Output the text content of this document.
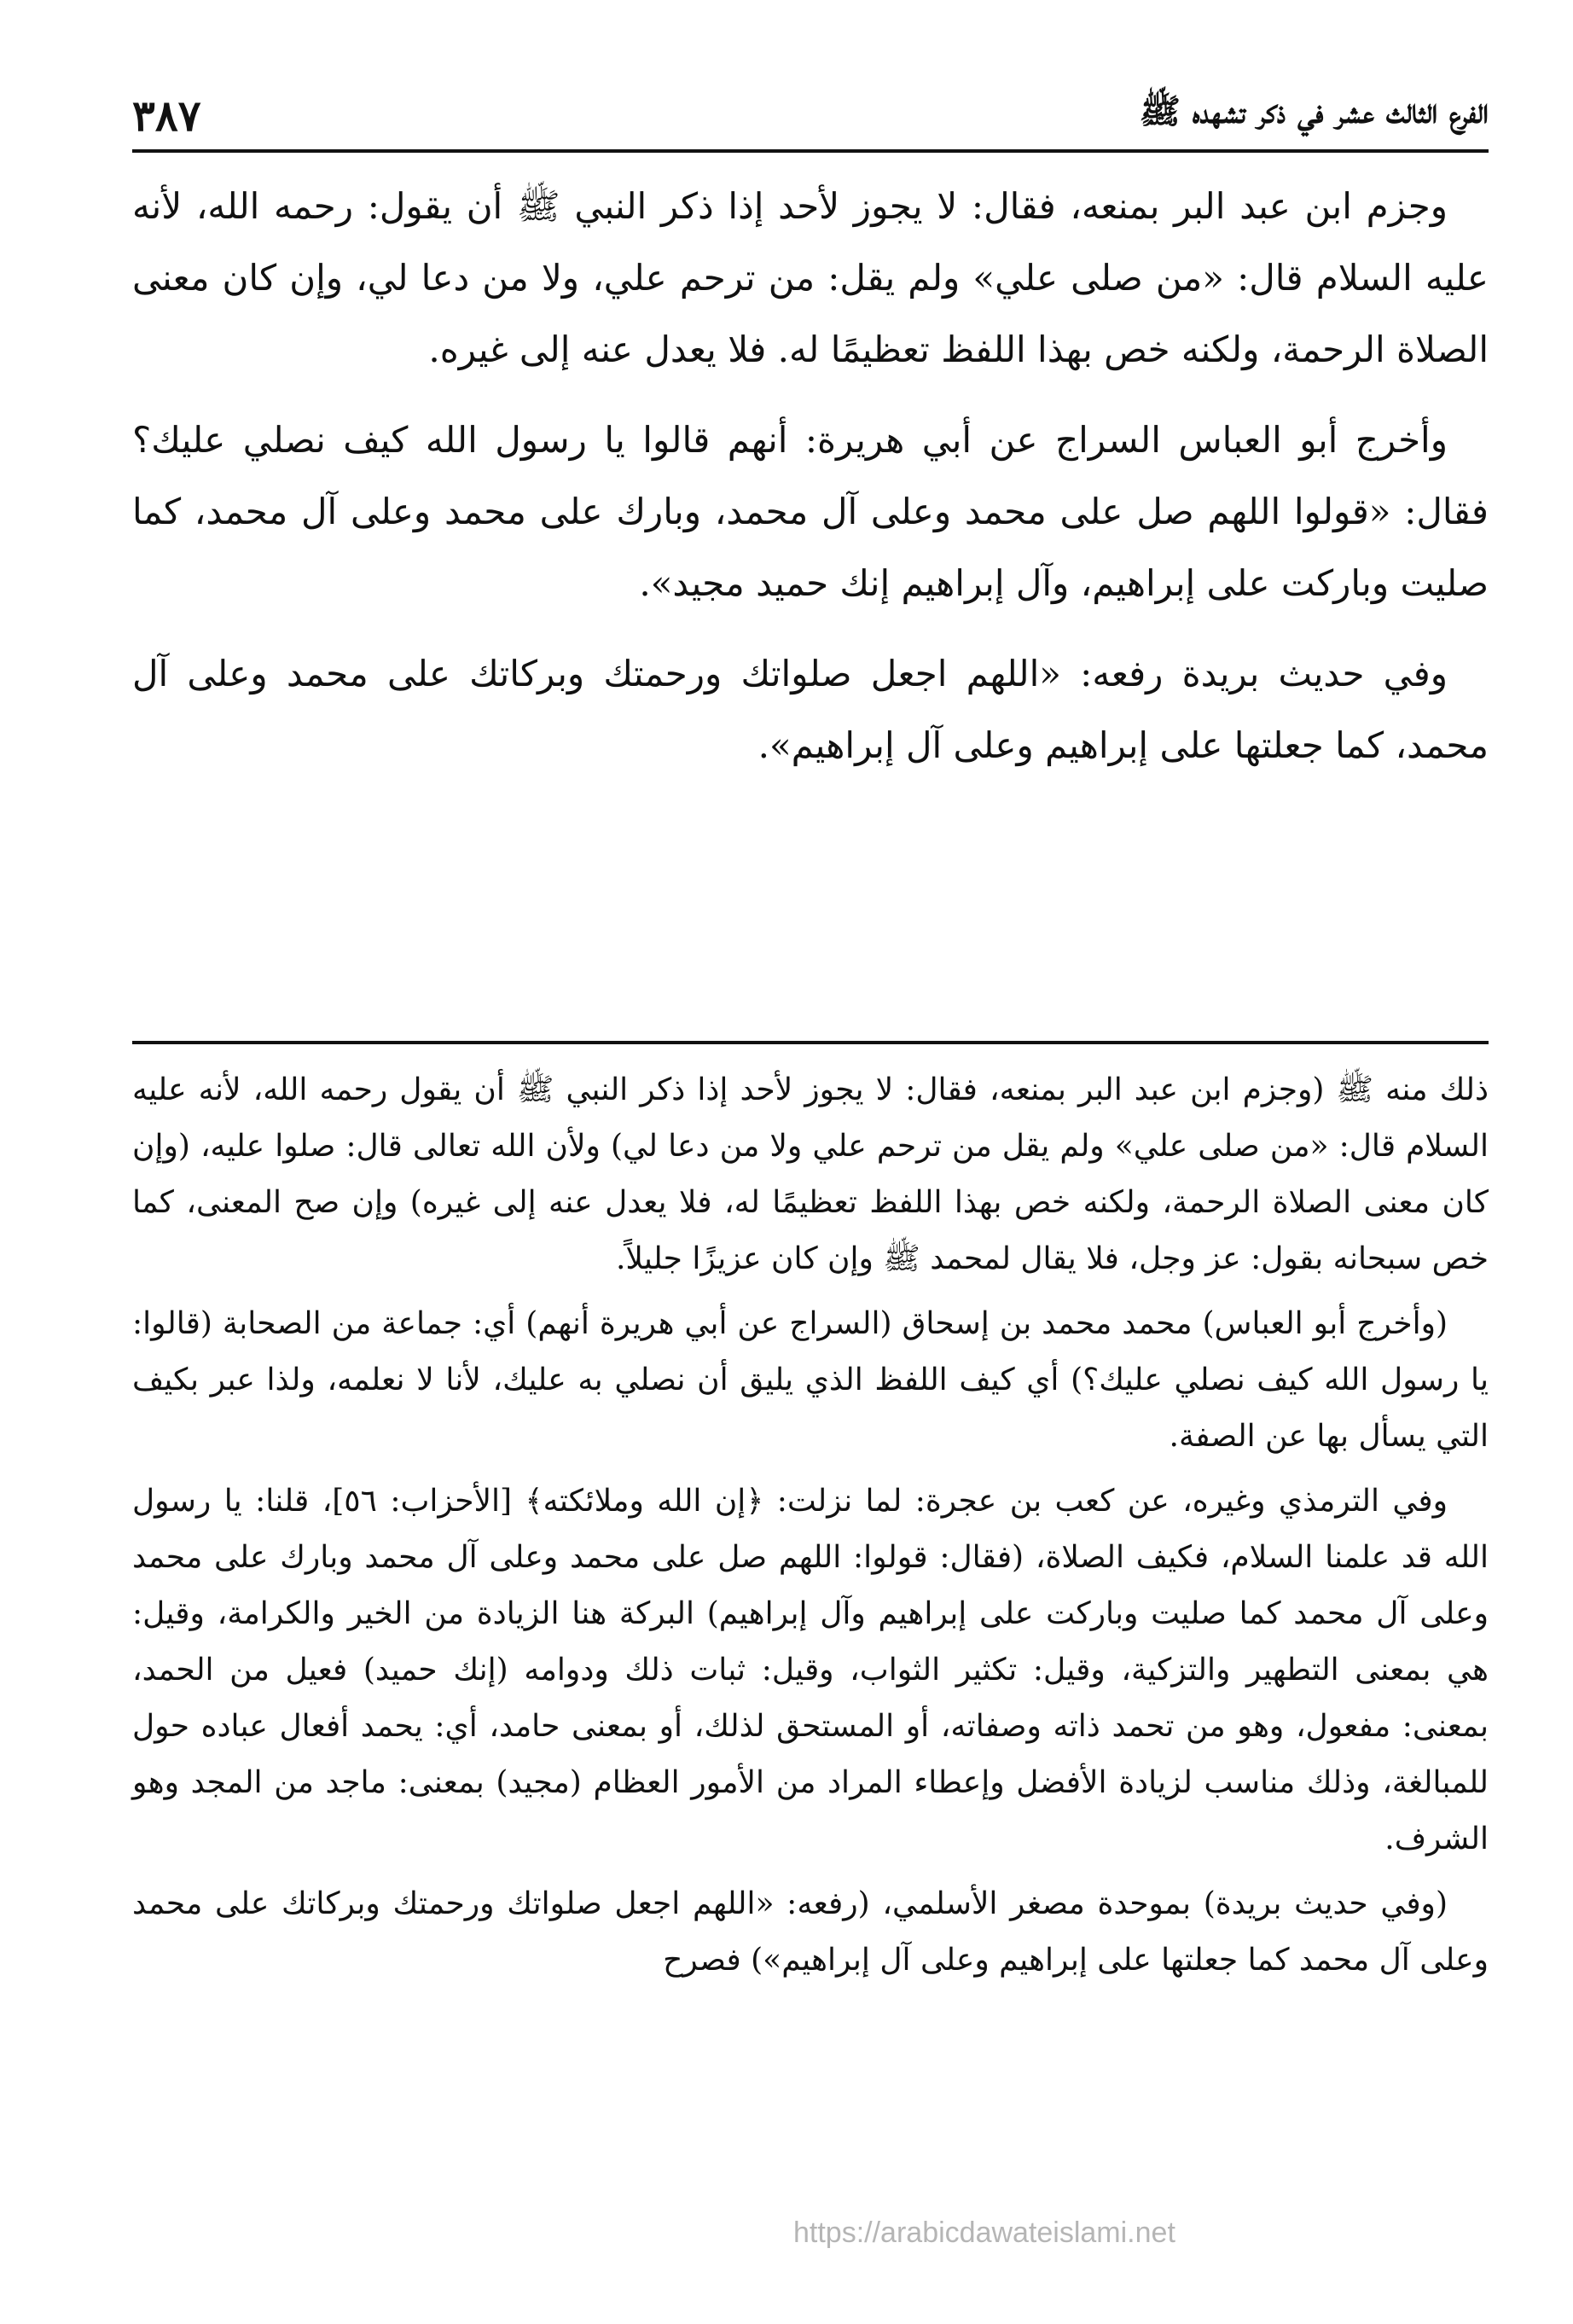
الفرع الثالث عشر في ذكر تشهده ﷺ
٣٨٧

وجزم ابن عبد البر بمنعه، فقال: لا يجوز لأحد إذا ذكر النبي ﷺ أن يقول: رحمه الله، لأنه عليه السلام قال: «من صلى علي» ولم يقل: من ترحم علي، ولا من دعا لي، وإن كان معنى الصلاة الرحمة، ولكنه خص بهذا اللفظ تعظيمًا له. فلا يعدل عنه إلى غيره.

وأخرج أبو العباس السراج عن أبي هريرة: أنهم قالوا يا رسول الله كيف نصلي عليك؟ فقال: «قولوا اللهم صل على محمد وعلى آل محمد، وبارك على محمد وعلى آل محمد، كما صليت وباركت على إبراهيم، وآل إبراهيم إنك حميد مجيد».

وفي حديث بريدة رفعه: «اللهم اجعل صلواتك ورحمتك وبركاتك على محمد وعلى آل محمد، كما جعلتها على إبراهيم وعلى آل إبراهيم».

ذلك منه ﷺ (وجزم ابن عبد البر بمنعه، فقال: لا يجوز لأحد إذا ذكر النبي ﷺ أن يقول رحمه الله، لأنه عليه السلام قال: «من صلى علي» ولم يقل من ترحم علي ولا من دعا لي) ولأن الله تعالى قال: صلوا عليه، (وإن كان معنى الصلاة الرحمة، ولكنه خص بهذا اللفظ تعظيمًا له، فلا يعدل عنه إلى غيره) وإن صح المعنى، كما خص سبحانه بقول: عز وجل، فلا يقال لمحمد ﷺ وإن كان عزيزًا جليلاً.

(وأخرج أبو العباس) محمد محمد بن إسحاق (السراج عن أبي هريرة أنهم) أي: جماعة من الصحابة (قالوا: يا رسول الله كيف نصلي عليك؟) أي كيف اللفظ الذي يليق أن نصلي به عليك، لأنا لا نعلمه، ولذا عبر بكيف التي يسأل بها عن الصفة.

وفي الترمذي وغيره، عن كعب بن عجرة: لما نزلت: ﴿إن الله وملائكته﴾ [الأحزاب: ٥٦]، قلنا: يا رسول الله قد علمنا السلام، فكيف الصلاة، (فقال: قولوا: اللهم صل على محمد وعلى آل محمد وبارك على محمد وعلى آل محمد كما صليت وباركت على إبراهيم وآل إبراهيم) البركة هنا الزيادة من الخير والكرامة، وقيل: هي بمعنى التطهير والتزكية، وقيل: تكثير الثواب، وقيل: ثبات ذلك ودوامه (إنك حميد) فعيل من الحمد، بمعنى: مفعول، وهو من تحمد ذاته وصفاته، أو المستحق لذلك، أو بمعنى حامد، أي: يحمد أفعال عباده حول للمبالغة، وذلك مناسب لزيادة الأفضل وإعطاء المراد من الأمور العظام (مجيد) بمعنى: ماجد من المجد وهو الشرف.

(وفي حديث بريدة) بموحدة مصغر الأسلمي، (رفعه: «اللهم اجعل صلواتك ورحمتك وبركاتك على محمد وعلى آل محمد كما جعلتها على إبراهيم وعلى آل إبراهيم») فصرح

https://arabicdawateislami.net
